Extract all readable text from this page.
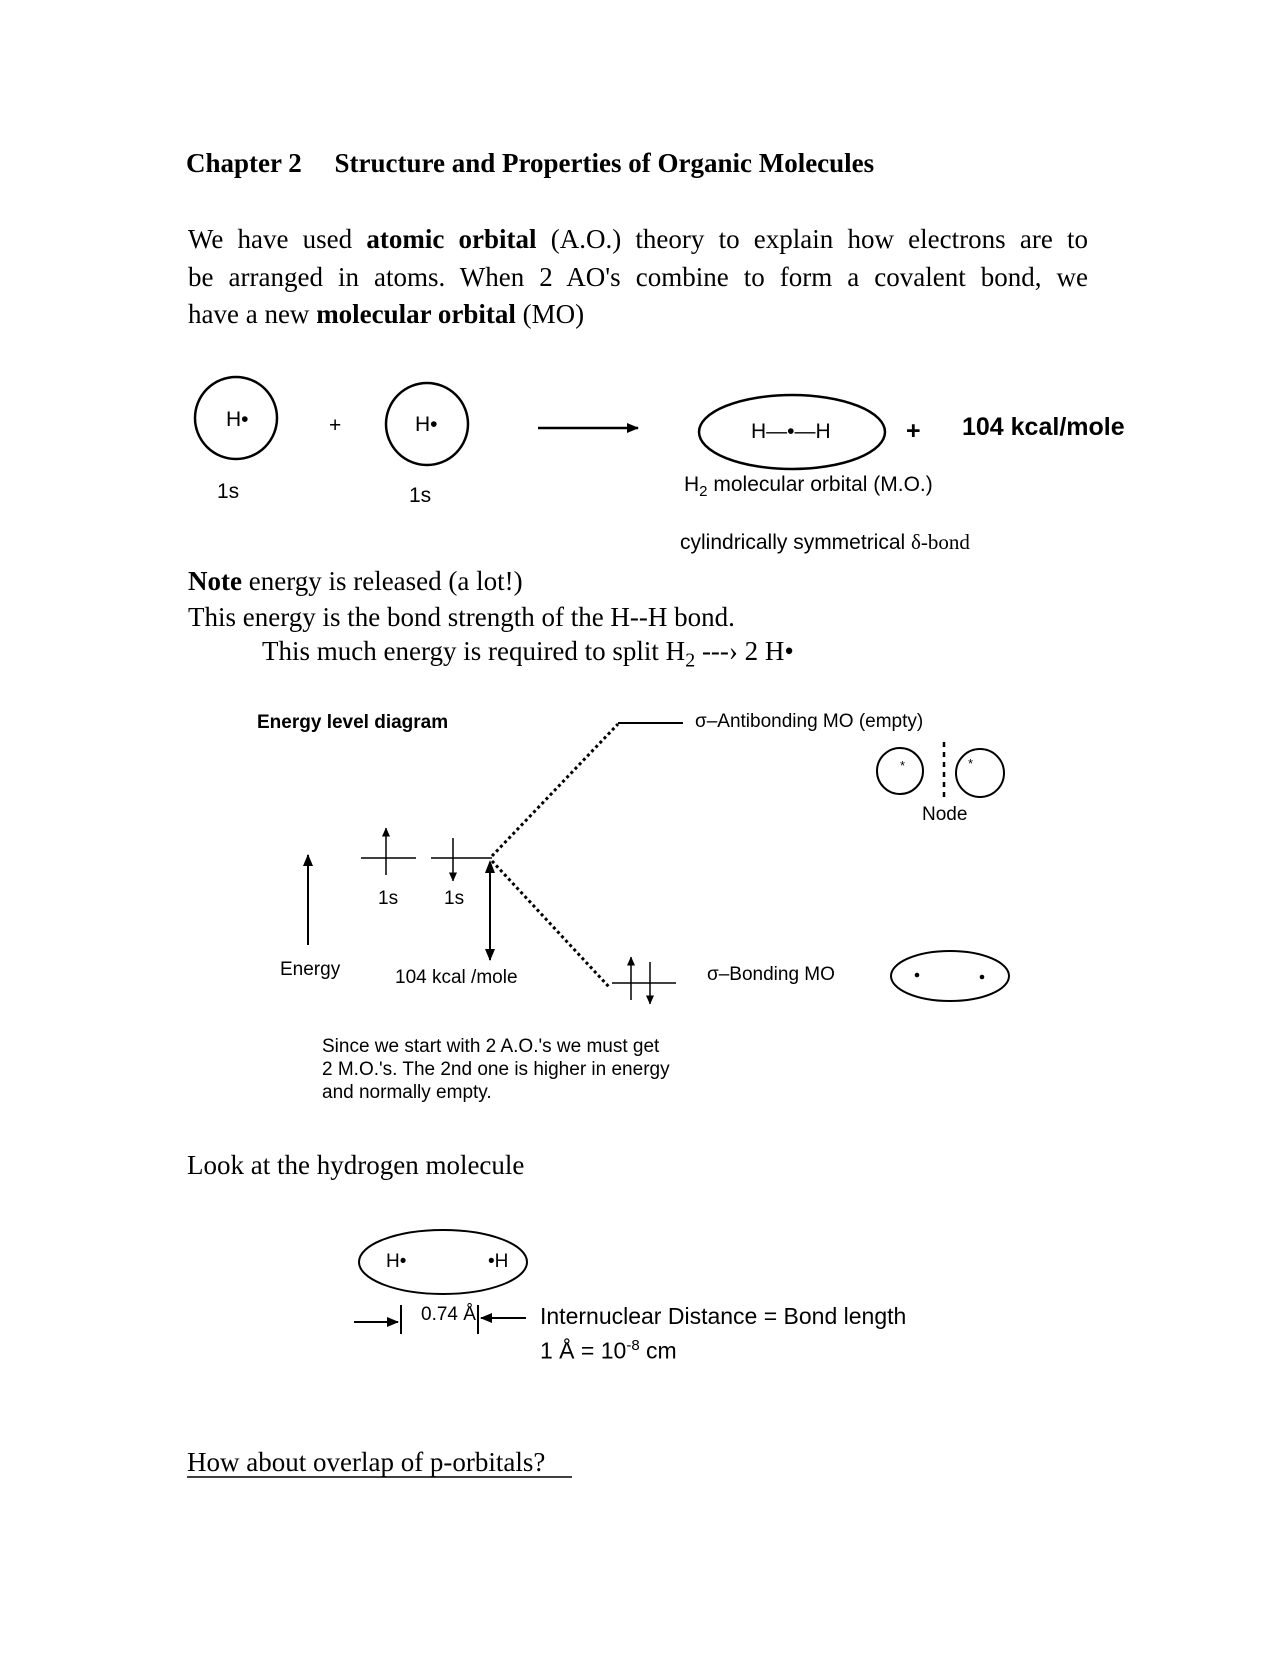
Chapter 2 Structure and Properties of Organic Molecules
We have used atomic orbital (A.O.) theory to explain how electrons are to
be arranged in atoms. When 2 AO's combine to form a covalent bond, we
have a new molecular orbital (MO)
H•	+	H•
1s	1s
H—•—H	+ 104 kcal/mole
$H_2$ molecular orbital (M.O.)
cylindrically symmetrical δ-bond
Note energy is released (a lot!)
This energy is the bond strength of the H--H bond.
This much energy is required to split $H_2$ ---› 2 H•
Energy level diagram	σ–Antibonding MO (empty)
*	*
Node
1s 1s
Energy	104 kcal /mole	σ–Bonding MO
Since we start with 2 A.O.'s we must get
2 M.O.'s. The 2nd one is higher in energy
and normally empty.
Look at the hydrogen molecule
H•	•H
0.74 Å	Internuclear Distance = Bond length
1 Å = $10^{-8}$ cm
How about overlap of p-orbitals?
